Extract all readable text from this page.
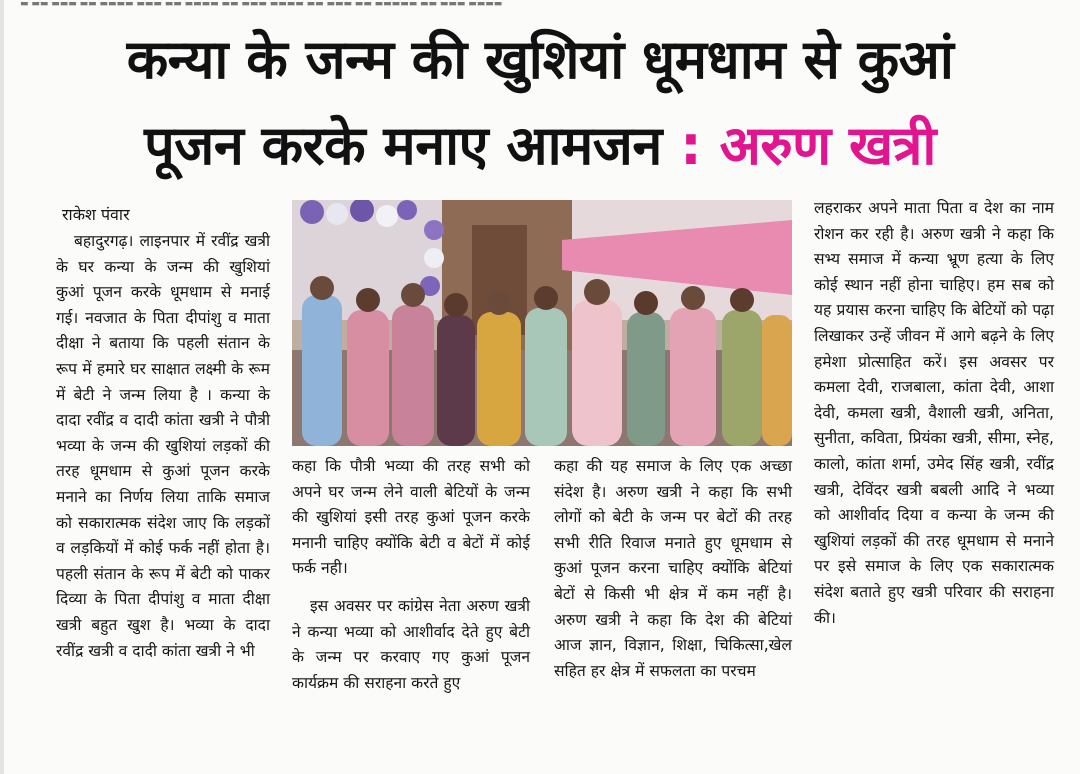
▬ ▬▬ ▬▬▬ ▬▬ ▬▬▬▬ ▬▬▬ ▬▬ ▬▬▬▬ ▬▬ ▬▬▬ ▬▬▬▬ ▬▬ ▬▬▬ ▬▬ ▬▬▬▬▬ ▬▬ ▬▬▬ ▬▬▬▬
कन्या के जन्म की खुशियां धूमधाम से कुआं
पूजन करके मनाए आमजन : अरुण खत्री
राकेश पंवार

बहादुरगढ़। लाइनपार में रवींद्र खत्री के घर कन्या के जन्म की खुशियां कुआं पूजन करके धूमधाम से मनाई गई। नवजात के पिता दीपांशु व माता दीक्षा ने बताया कि पहली संतान के रूप में हमारे घर साक्षात लक्ष्मी के रूम में बेटी ने जन्म लिया है । कन्या के दादा रवींद्र व दादी कांता खत्री ने पौत्री भव्या के जन्म की खुशियां लड़कों की तरह धूमधाम से कुआं पूजन करके मनाने का निर्णय लिया ताकि समाज को सकारात्मक संदेश जाए कि लड़कों व लड़कियों में कोई फर्क नहीं होता है। पहली संतान के रूप में बेटी को पाकर दिव्या के पिता दीपांशु व माता दीक्षा खत्री बहुत खुश है। भव्या के दादा रवींद्र खत्री व दादी कांता खत्री ने भी

कहा कि पौत्री भव्या की तरह सभी को अपने घर जन्म लेने वाली बेटियों के जन्म की खुशियां इसी तरह कुआं पूजन करके मनानी चाहिए क्योंकि बेटी व बेटों में कोई फर्क नही।

इस अवसर पर कांग्रेस नेता अरुण खत्री ने कन्या भव्या को आशीर्वाद देते हुए बेटी के जन्म पर करवाए गए कुआं पूजन कार्यक्रम की सराहना करते हुए

कहा की यह समाज के लिए एक अच्छा संदेश है। अरुण खत्री ने कहा कि सभी लोगों को बेटी के जन्म पर बेटों की तरह सभी रीति रिवाज मनाते हुए धूमधाम से कुआं पूजन करना चाहिए क्योंकि बेटियां बेटों से किसी भी क्षेत्र में कम नहीं है। अरुण खत्री ने कहा कि देश की बेटियां आज ज्ञान, विज्ञान, शिक्षा, चिकित्सा,खेल सहित हर क्षेत्र में सफलता का परचम

लहराकर अपने माता पिता व देश का नाम रोशन कर रही है। अरुण खत्री ने कहा कि सभ्य समाज में कन्या भ्रूण हत्या के लिए कोई स्थान नहीं होना चाहिए। हम सब को यह प्रयास करना चाहिए कि बेटियों को पढ़ा लिखाकर उन्हें जीवन में आगे बढ़ने के लिए हमेशा प्रोत्साहित करें। इस अवसर पर कमला देवी, राजबाला, कांता देवी, आशा देवी, कमला खत्री, वैशाली खत्री, अनिता, सुनीता, कविता, प्रियंका खत्री, सीमा, स्नेह, कालो, कांता शर्मा, उमेद सिंह खत्री, रवींद्र खत्री, देविंदर खत्री बबली आदि ने भव्या को आशीर्वाद दिया व कन्या के जन्म की खुशियां लड़कों की तरह धूमधाम से मनाने पर इसे समाज के लिए एक सकारात्मक संदेश बताते हुए खत्री परिवार की सराहना की।
